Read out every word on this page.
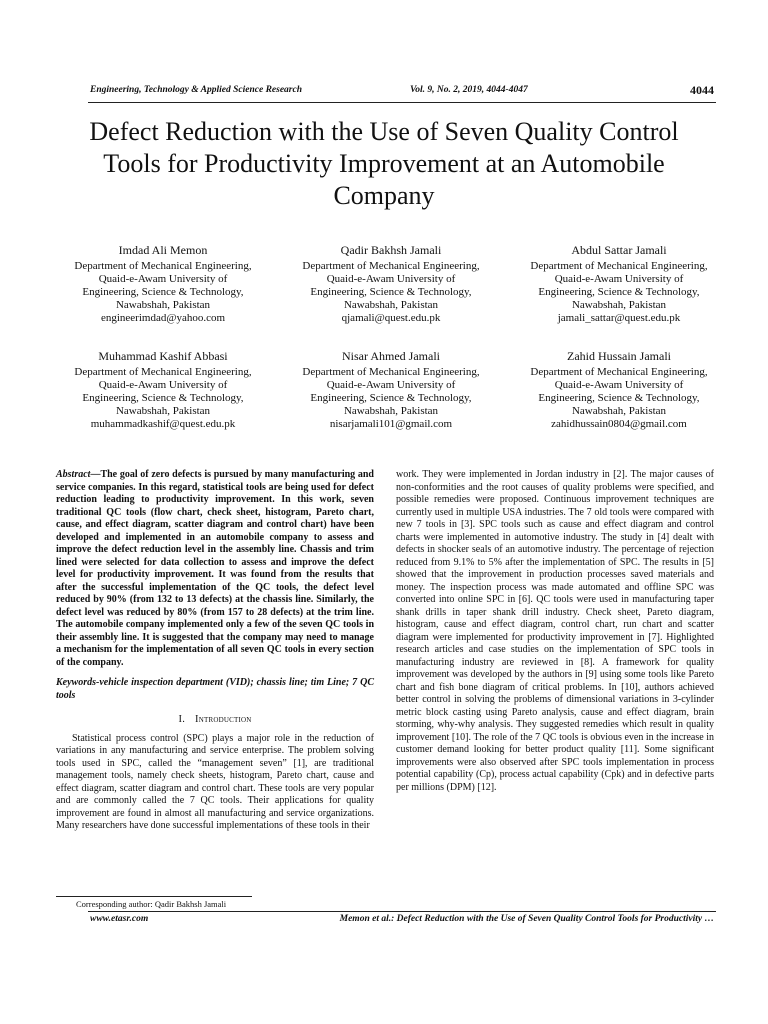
Engineering, Technology & Applied Science Research	Vol. 9, No. 2, 2019, 4044-4047	4044
Defect Reduction with the Use of Seven Quality Control Tools for Productivity Improvement at an Automobile Company
Imdad Ali Memon
Department of Mechanical Engineering,
Quaid-e-Awam University of
Engineering, Science & Technology,
Nawabshah, Pakistan
engineerimdad@yahoo.com
Qadir Bakhsh Jamali
Department of Mechanical Engineering,
Quaid-e-Awam University of
Engineering, Science & Technology,
Nawabshah, Pakistan
qjamali@quest.edu.pk
Abdul Sattar Jamali
Department of Mechanical Engineering,
Quaid-e-Awam University of
Engineering, Science & Technology,
Nawabshah, Pakistan
jamali_sattar@quest.edu.pk
Muhammad Kashif Abbasi
Department of Mechanical Engineering,
Quaid-e-Awam University of
Engineering, Science & Technology,
Nawabshah, Pakistan
muhammadkashif@quest.edu.pk
Nisar Ahmed Jamali
Department of Mechanical Engineering,
Quaid-e-Awam University of
Engineering, Science & Technology,
Nawabshah, Pakistan
nisarjamali101@gmail.com
Zahid Hussain Jamali
Department of Mechanical Engineering,
Quaid-e-Awam University of
Engineering, Science & Technology,
Nawabshah, Pakistan
zahidhussain0804@gmail.com

Abstract—The goal of zero defects is pursued by many manufacturing and service companies. In this regard, statistical tools are being used for defect reduction leading to productivity improvement. In this work, seven traditional QC tools (flow chart, check sheet, histogram, Pareto chart, cause, and effect diagram, scatter diagram and control chart) have been developed and implemented in an automobile company to assess and improve the defect reduction level in the assembly line. Chassis and trim lined were selected for data collection to assess and improve the defect level for productivity improvement. It was found from the results that after the successful implementation of the QC tools, the defect level reduced by 90% (from 132 to 13 defects) at the chassis line. Similarly, the defect level was reduced by 80% (from 157 to 28 defects) at the trim line. The automobile company implemented only a few of the seven QC tools in their assembly line. It is suggested that the company may need to manage a mechanism for the implementation of all seven QC tools in every section of the company.

Keywords-vehicle inspection department (VID); chassis line; tim Line; 7 QC tools

I. Introduction

Statistical process control (SPC) plays a major role in the reduction of variations in any manufacturing and service enterprise. The problem solving tools used in SPC, called the “management seven” [1], are traditional management tools, namely check sheets, histogram, Pareto chart, cause and effect diagram, scatter diagram and control chart. These tools are very popular and are commonly called the 7 QC tools. Their applications for quality improvement are found in almost all manufacturing and service organizations. Many researchers have done successful implementations of these tools in their

work. They were implemented in Jordan industry in [2]. The major causes of non-conformities and the root causes of quality problems were specified, and possible remedies were proposed. Continuous improvement techniques are currently used in multiple USA industries. The 7 old tools were compared with new 7 tools in [3]. SPC tools such as cause and effect diagram and control charts were implemented in automotive industry. The study in [4] dealt with defects in shocker seals of an automotive industry. The percentage of rejection reduced from 9.1% to 5% after the implementation of SPC. The results in [5] showed that the improvement in production processes saved materials and money. The inspection process was made automated and offline SPC was converted into online SPC in [6]. QC tools were used in manufacturing taper shank drills in taper shank drill industry. Check sheet, Pareto diagram, histogram, cause and effect diagram, control chart, run chart and scatter diagram were implemented for productivity improvement in [7]. Highlighted research articles and case studies on the implementation of SPC tools in manufacturing industry are reviewed in [8]. A framework for quality improvement was developed by the authors in [9] using some tools like Pareto chart and fish bone diagram of critical problems. In [10], authors achieved better control in solving the problems of dimensional variations in 3-cylinder metric block casting using Pareto analysis, cause and effect diagram, brain storming, why-why analysis. They suggested remedies which result in quality improvement [10]. The role of the 7 QC tools is obvious even in the increase in customer demand looking for better product quality [11]. Some significant improvements were also observed after SPC tools implementation in process potential capability (Cp), process actual capability (Cpk) and in defective parts per millions (DPM) [12].

Corresponding author: Qadir Bakhsh Jamali
www.etasr.com	Memon et al.: Defect Reduction with the Use of Seven Quality Control Tools for Productivity …
